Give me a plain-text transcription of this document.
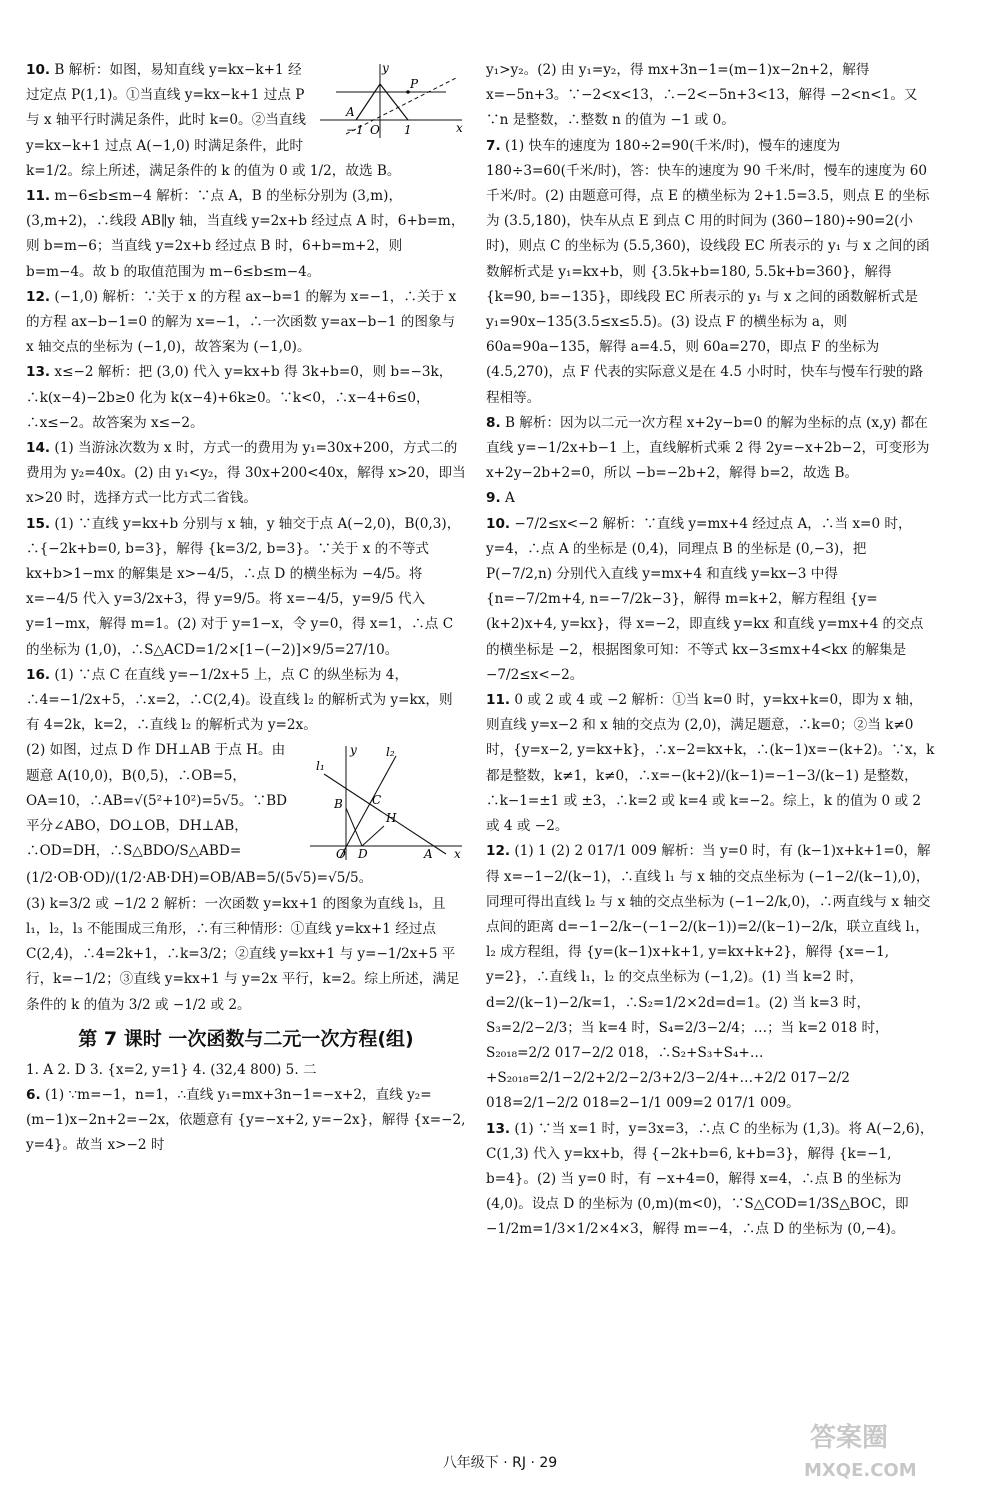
y
P
A
−1 O 1	x

10. B 解析：如图，易知直线 y=kx−k+1 经过定点 P(1,1)。①当直线 y=kx−k+1 过点 P 与 x 轴平行时满足条件，此时 k=0。②当直线 y=kx−k+1 过点 A(−1,0) 时满足条件，此时 k=1/2。综上所述，满足条件的 k 的值为 0 或 1/2，故选 B。

11. m−6≤b≤m−4 解析：∵点 A，B 的坐标分别为 (3,m)，(3,m+2)，∴线段 AB∥y 轴，当直线 y=2x+b 经过点 A 时，6+b=m，则 b=m−6；当直线 y=2x+b 经过点 B 时，6+b=m+2，则 b=m−4。故 b 的取值范围为 m−6≤b≤m−4。

12. (−1,0) 解析：∵关于 x 的方程 ax−b=1 的解为 x=−1，∴关于 x 的方程 ax−b−1=0 的解为 x=−1，∴一次函数 y=ax−b−1 的图象与 x 轴交点的坐标为 (−1,0)，故答案为 (−1,0)。

13. x≤−2 解析：把 (3,0) 代入 y=kx+b 得 3k+b=0，则 b=−3k，∴k(x−4)−2b≥0 化为 k(x−4)+6k≥0。∵k<0，∴x−4+6≤0，∴x≤−2。故答案为 x≤−2。

14. (1) 当游泳次数为 x 时，方式一的费用为 y₁=30x+200，方式二的费用为 y₂=40x。(2) 由 y₁<y₂，得 30x+200<40x，解得 x>20，即当 x>20 时，选择方式一比方式二省钱。

15. (1) ∵直线 y=kx+b 分别与 x 轴，y 轴交于点 A(−2,0)，B(0,3)，∴{−2k+b=0, b=3}，解得 {k=3/2, b=3}。∵关于 x 的不等式 kx+b>1−mx 的解集是 x>−4/5，∴点 D 的横坐标为 −4/5。将 x=−4/5 代入 y=3/2x+3，得 y=9/5。将 x=−4/5，y=9/5 代入 y=1−mx，解得 m=1。(2) 对于 y=1−x，令 y=0，得 x=1，∴点 C 的坐标为 (1,0)，∴S△ACD=1/2×[1−(−2)]×9/5=27/10。

16. (1) ∵点 C 在直线 y=−1/2x+5 上，点 C 的纵坐标为 4，∴4=−1/2x+5，∴x=2，∴C(2,4)。设直线 l₂ 的解析式为 y=kx，则有 4=2k，k=2，∴直线 l₂ 的解析式为 y=2x。

y
l₁
l₂
B C
H
O D	A x

(2) 如图，过点 D 作 DH⊥AB 于点 H。由题意 A(10,0)，B(0,5)，∴OB=5，OA=10，∴AB=√(5²+10²)=5√5。∵BD 平分∠ABO，DO⊥OB，DH⊥AB，∴OD=DH，∴S△BDO/S△ABD=(1/2·OB·OD)/(1/2·AB·DH)=OB/AB=5/(5√5)=√5/5。

(3) k=3/2 或 −1/2 2 解析：一次函数 y=kx+1 的图象为直线 l₃，且 l₁，l₂，l₃ 不能围成三角形，∴有三种情形：①直线 y=kx+1 经过点 C(2,4)，∴4=2k+1，∴k=3/2；②直线 y=kx+1 与 y=−1/2x+5 平行，k=−1/2；③直线 y=kx+1 与 y=2x 平行，k=2。综上所述，满足条件的 k 的值为 3/2 或 −1/2 或 2。

第 7 课时 一次函数与二元一次方程(组)

1. A 2. D 3. {x=2, y=1} 4. (32,4 800) 5. 二

6. (1) ∵m=−1，n=1，∴直线 y₁=mx+3n−1=−x+2，直线 y₂=(m−1)x−2n+2=−2x，依题意有 {y=−x+2, y=−2x}，解得 {x=−2, y=4}。故当 x>−2 时

y₁>y₂。(2) 由 y₁=y₂，得 mx+3n−1=(m−1)x−2n+2，解得 x=−5n+3。∵−2<x<13，∴−2<−5n+3<13，解得 −2<n<1。又∵n 是整数，∴整数 n 的值为 −1 或 0。

7. (1) 快车的速度为 180÷2=90(千米/时)，慢车的速度为 180÷3=60(千米/时)，答：快车的速度为 90 千米/时，慢车的速度为 60 千米/时。(2) 由题意可得，点 E 的横坐标为 2+1.5=3.5，则点 E 的坐标为 (3.5,180)，快车从点 E 到点 C 用的时间为 (360−180)÷90=2(小时)，则点 C 的坐标为 (5.5,360)，设线段 EC 所表示的 y₁ 与 x 之间的函数解析式是 y₁=kx+b，则 {3.5k+b=180, 5.5k+b=360}，解得 {k=90, b=−135}，即线段 EC 所表示的 y₁ 与 x 之间的函数解析式是 y₁=90x−135(3.5≤x≤5.5)。(3) 设点 F 的横坐标为 a，则 60a=90a−135，解得 a=4.5，则 60a=270，即点 F 的坐标为 (4.5,270)，点 F 代表的实际意义是在 4.5 小时时，快车与慢车行驶的路程相等。

8. B 解析：因为以二元一次方程 x+2y−b=0 的解为坐标的点 (x,y) 都在直线 y=−1/2x+b−1 上，直线解析式乘 2 得 2y=−x+2b−2，可变形为 x+2y−2b+2=0，所以 −b=−2b+2，解得 b=2，故选 B。

9. A

10. −7/2≤x<−2 解析：∵直线 y=mx+4 经过点 A，∴当 x=0 时，y=4，∴点 A 的坐标是 (0,4)，同理点 B 的坐标是 (0,−3)，把 P(−7/2,n) 分别代入直线 y=mx+4 和直线 y=kx−3 中得 {n=−7/2m+4, n=−7/2k−3}，解得 m=k+2，解方程组 {y=(k+2)x+4, y=kx}，得 x=−2，即直线 y=kx 和直线 y=mx+4 的交点的横坐标是 −2，根据图象可知：不等式 kx−3≤mx+4<kx 的解集是 −7/2≤x<−2。

11. 0 或 2 或 4 或 −2 解析：①当 k=0 时，y=kx+k=0，即为 x 轴，则直线 y=x−2 和 x 轴的交点为 (2,0)，满足题意，∴k=0；②当 k≠0 时，{y=x−2, y=kx+k}，∴x−2=kx+k，∴(k−1)x=−(k+2)。∵x，k 都是整数，k≠1，k≠0，∴x=−(k+2)/(k−1)=−1−3/(k−1) 是整数，∴k−1=±1 或 ±3，∴k=2 或 k=4 或 k=−2。综上，k 的值为 0 或 2 或 4 或 −2。

12. (1) 1 (2) 2 017/1 009 解析：当 y=0 时，有 (k−1)x+k+1=0，解得 x=−1−2/(k−1)，∴直线 l₁ 与 x 轴的交点坐标为 (−1−2/(k−1),0)，同理可得出直线 l₂ 与 x 轴的交点坐标为 (−1−2/k,0)，∴两直线与 x 轴交点间的距离 d=−1−2/k−(−1−2/(k−1))=2/(k−1)−2/k，联立直线 l₁，l₂ 成方程组，得 {y=(k−1)x+k+1, y=kx+k+2}，解得 {x=−1, y=2}，∴直线 l₁，l₂ 的交点坐标为 (−1,2)。(1) 当 k=2 时，d=2/(k−1)−2/k=1，∴S₂=1/2×2d=d=1。(2) 当 k=3 时，S₃=2/2−2/3；当 k=4 时，S₄=2/3−2/4；…；当 k=2 018 时，S₂₀₁₈=2/2 017−2/2 018，∴S₂+S₃+S₄+…+S₂₀₁₈=2/1−2/2+2/2−2/3+2/3−2/4+…+2/2 017−2/2 018=2/1−2/2 018=2−1/1 009=2 017/1 009。

13. (1) ∵当 x=1 时，y=3x=3，∴点 C 的坐标为 (1,3)。将 A(−2,6)，C(1,3) 代入 y=kx+b，得 {−2k+b=6, k+b=3}，解得 {k=−1, b=4}。(2) 当 y=0 时，有 −x+4=0，解得 x=4，∴点 B 的坐标为 (4,0)。设点 D 的坐标为 (0,m)(m<0)，∵S△COD=1/3S△BOC，即 −1/2m=1/3×1/2×4×3，解得 m=−4，∴点 D 的坐标为 (0,−4)。

八年级下 · RJ · 29
答案圈
MXQE.COM
